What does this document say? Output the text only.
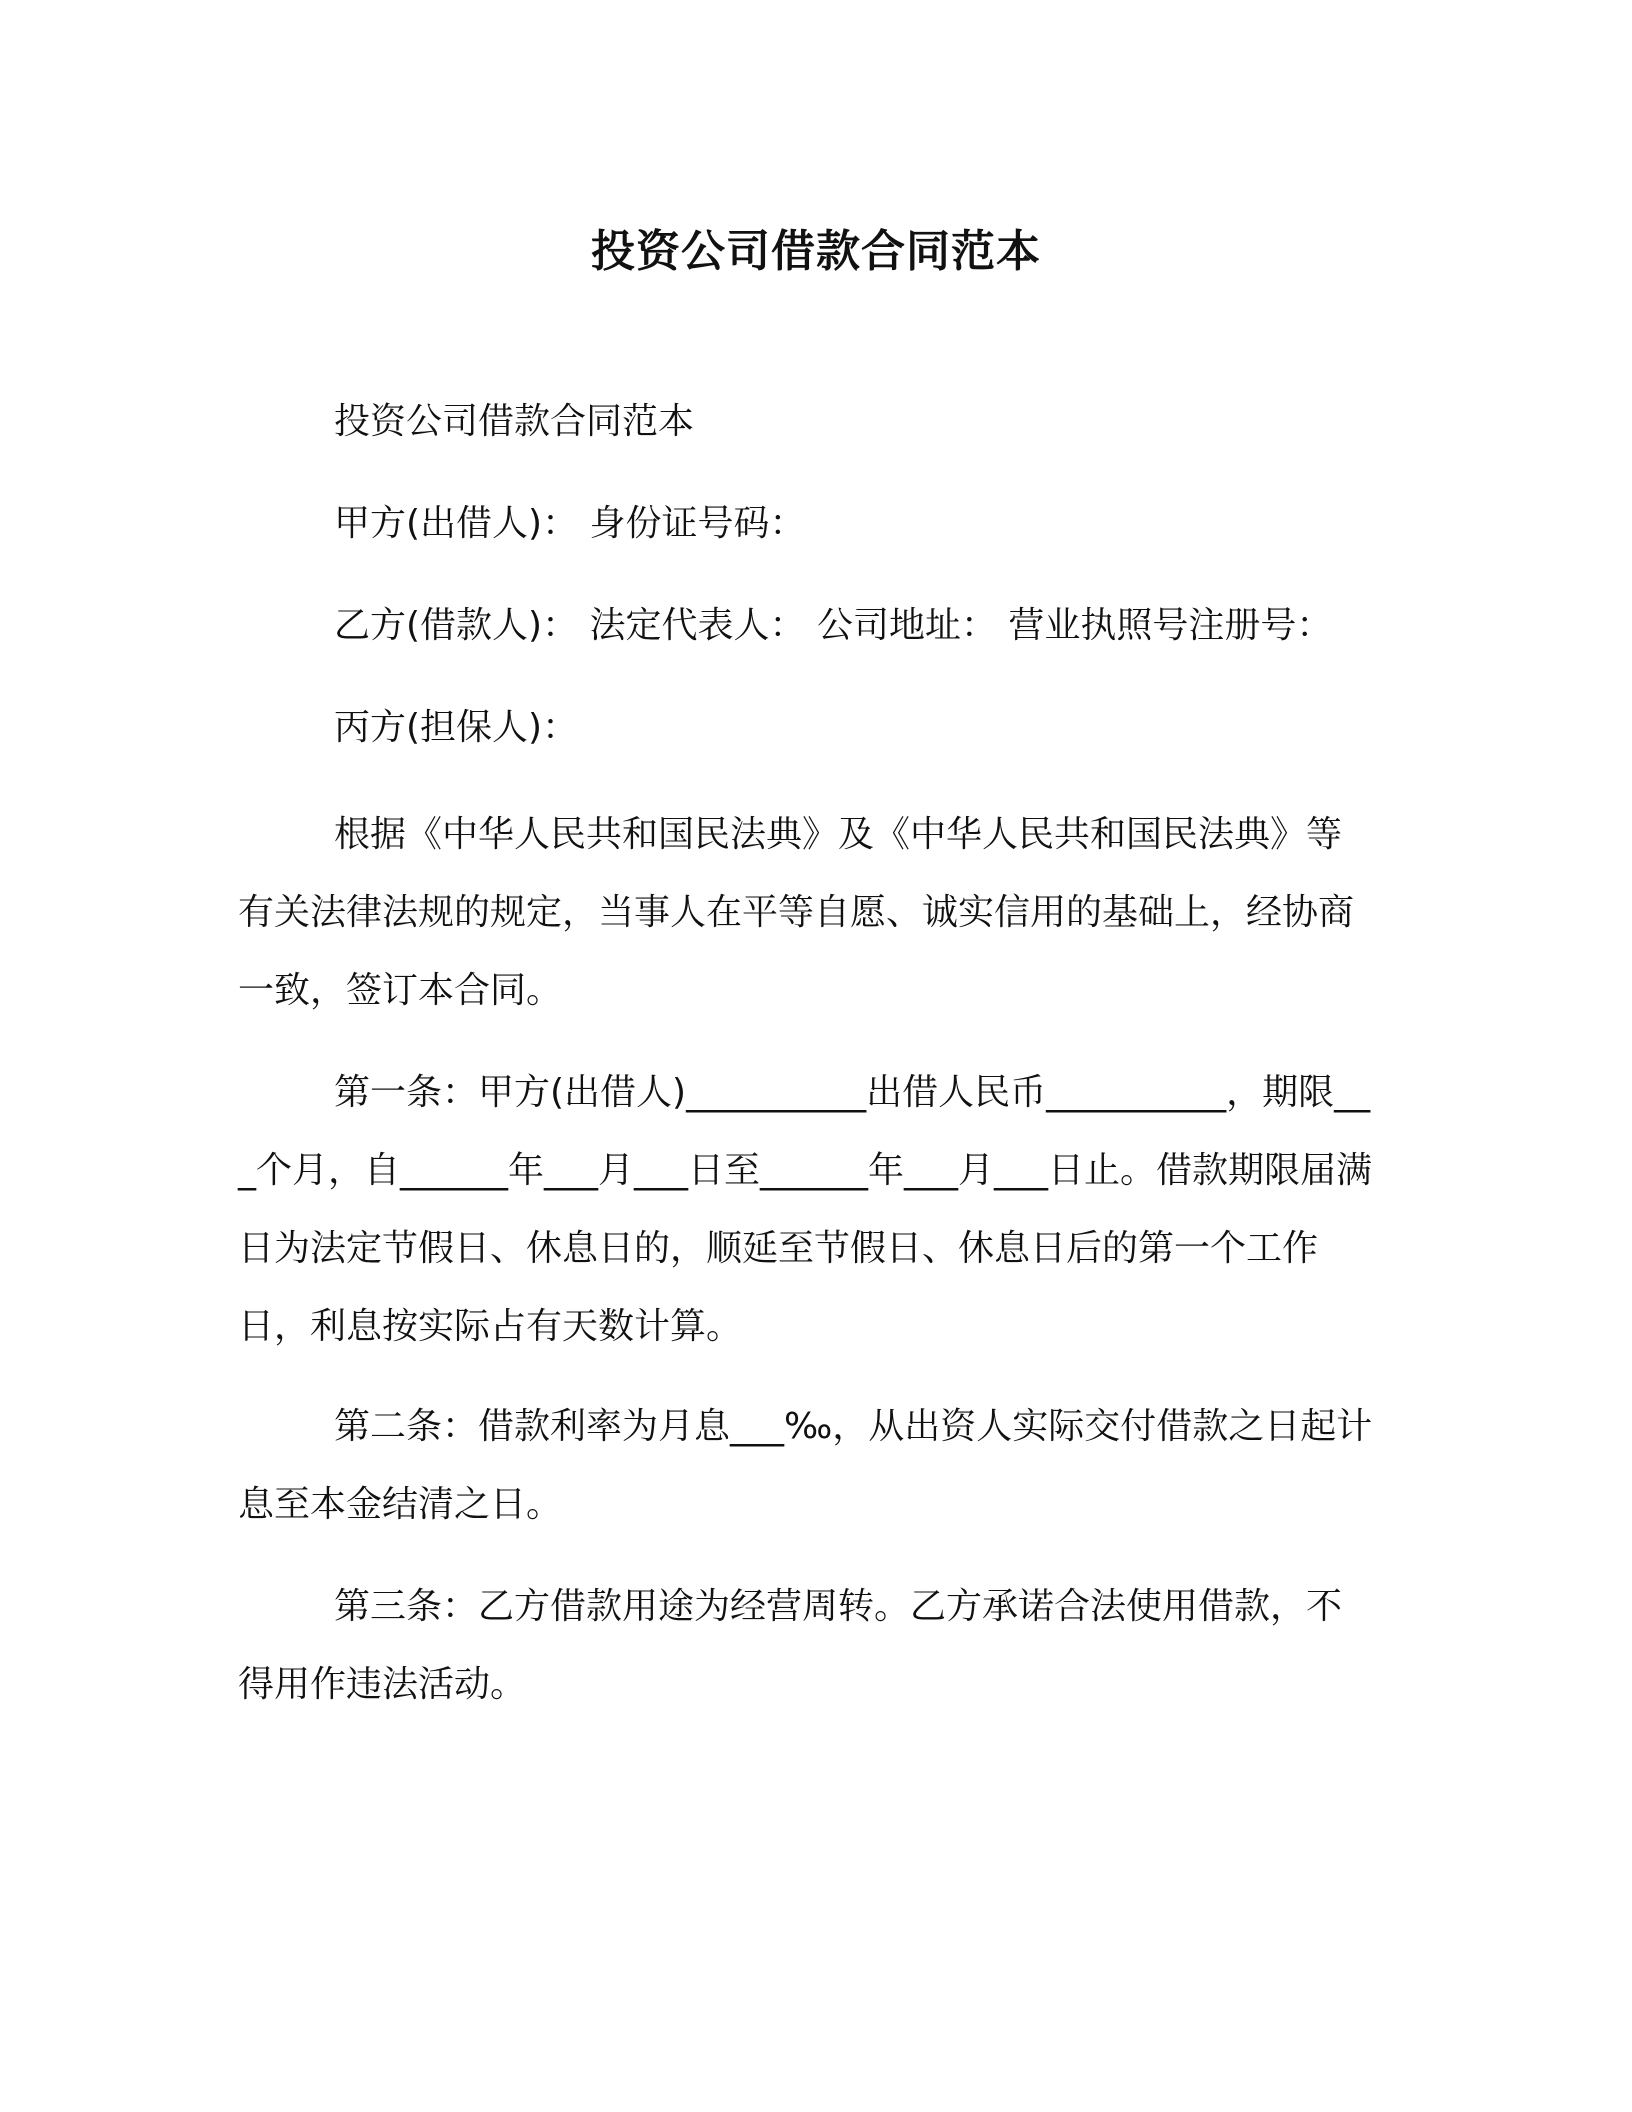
投资公司借款合同范本
投资公司借款合同范本
甲方(出借人)： 身份证号码：
乙方(借款人)： 法定代表人： 公司地址： 营业执照号注册号：
丙方(担保人)：
根据《中华人民共和国民法典》及《中华人民共和国民法典》等有关法律法规的规定，当事人在平等自愿、诚实信用的基础上，经协商一致，签订本合同。
第一条：甲方(出借人)__________出借人民币__________，期限___个月，自______年___月___日至______年___月___日止。借款期限届满日为法定节假日、休息日的，顺延至节假日、休息日后的第一个工作日，利息按实际占有天数计算。
第二条：借款利率为月息___‰，从出资人实际交付借款之日起计息至本金结清之日。
第三条：乙方借款用途为经营周转。乙方承诺合法使用借款，不得用作违法活动。
